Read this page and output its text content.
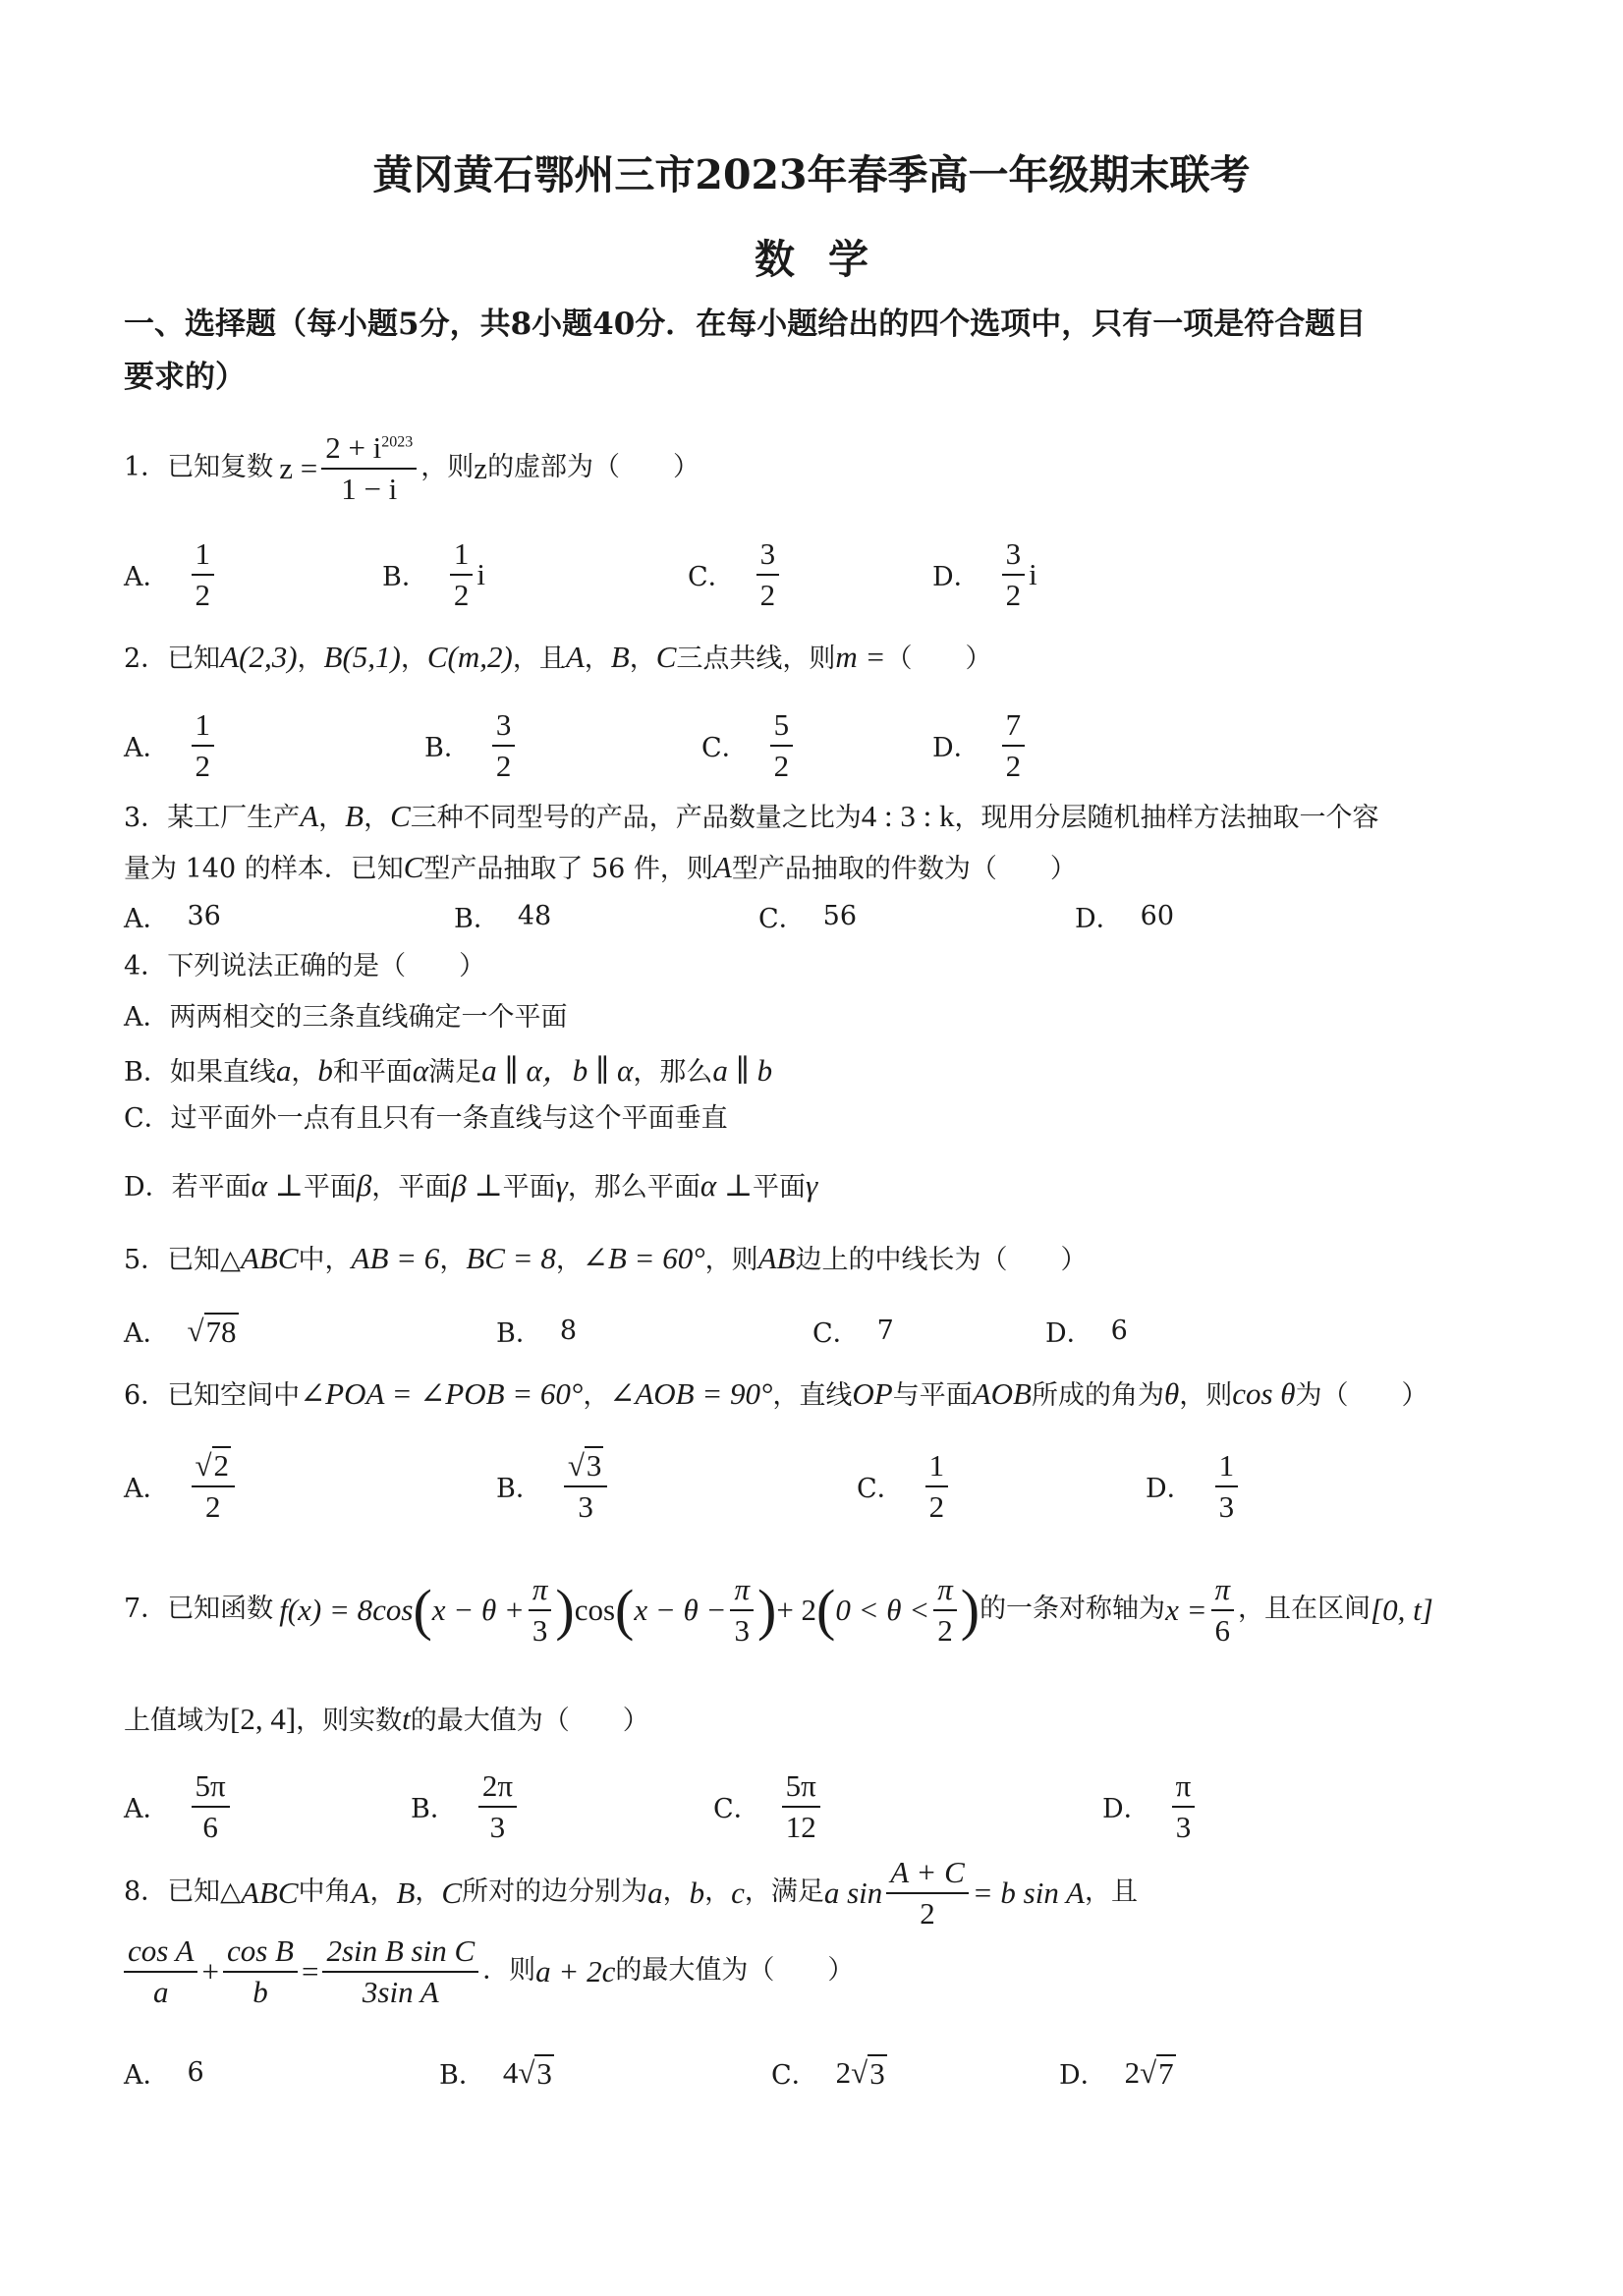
黄冈黄石鄂州三市2023年春季高一年级期末联考
数学
一、选择题（每小题5分，共8小题40分．在每小题给出的四个选项中，只有一项是符合题目
要求的）
1． 已知复数 $z = \frac{2 + i^{2023}}{1 - i}$ ，则 z 的虚部为（　　）
A． $\frac{1}{2}$	B． $\frac{1}{2}$ i	C． $\frac{3}{2}$	D． $\frac{3}{2}$ i
2．已知A(2,3)，B(5,1)，C(m,2)，且A，B，C三点共线，则m =（　　）
A． $\frac{1}{2}$	B． $\frac{3}{2}$	C． $\frac{5}{2}$	D． $\frac{7}{2}$
3．某工厂生产A，B，C三种不同型号的产品，产品数量之比为4 : 3 : k，现用分层随机抽样方法抽取一个容
量为 140 的样本．已知C型产品抽取了 56 件，则A型产品抽取的件数为（　　）
A． 36	B． 48	C． 56	D． 60
4．下列说法正确的是（　　）
A．两两相交的三条直线确定一个平面
B．如果直线a，b和平面α满足a ∥ α，b ∥ α，那么a ∥ b
C．过平面外一点有且只有一条直线与这个平面垂直
D．若平面α ⊥平面β，平面β ⊥平面γ，那么平面α ⊥平面γ
5．已知△ABC中，AB = 6，BC = 8，∠B = 60°，则AB边上的中线长为（　　）
A． √ 78	B． 8	C． 7	D． 6
6．已知空间中∠POA = ∠POB = 60°，∠AOB = 90°，直线OP与平面AOB所成的角为θ，则cos θ为（　　）
A． $\frac{√2}{2}$	B． $\frac{√3}{3}$	C． $\frac{1}{2}$	D． $\frac{1}{3}$
7． 已知函数 f(x) = 8cos ( $x - \theta + \frac{\pi}{3}$ ) cos ( $x - \theta - \frac{\pi}{3}$ ) + 2 ( $0 < \theta < \frac{\pi}{2}$ ) 的一条对称轴为 $x = \frac{\pi}{6}$ ，且在区间 [0, t]
上值域为[2, 4]，则实数t的最大值为（　　）
A． $\frac{5\pi}{6}$	B． $\frac{2\pi}{3}$	C． $\frac{5\pi}{12}$	D． $\frac{\pi}{3}$
8． 已知△ ABC 中角 A ， B ， C 所对的边分别为 a ， b ， c ，满足 a $\sin \frac{A + C}{2} = b$ sin A ，且
$\frac{\text{cos A}}{a} + \frac{\text{cos B}}{b} = \frac{\text{2sin B sin C}}{\text{3sin A}}$ ．则 a + 2c 的最大值为（　　）
A． 6	B． 4 √ 3	C． 2 √ 3	D． 2 √ 7
